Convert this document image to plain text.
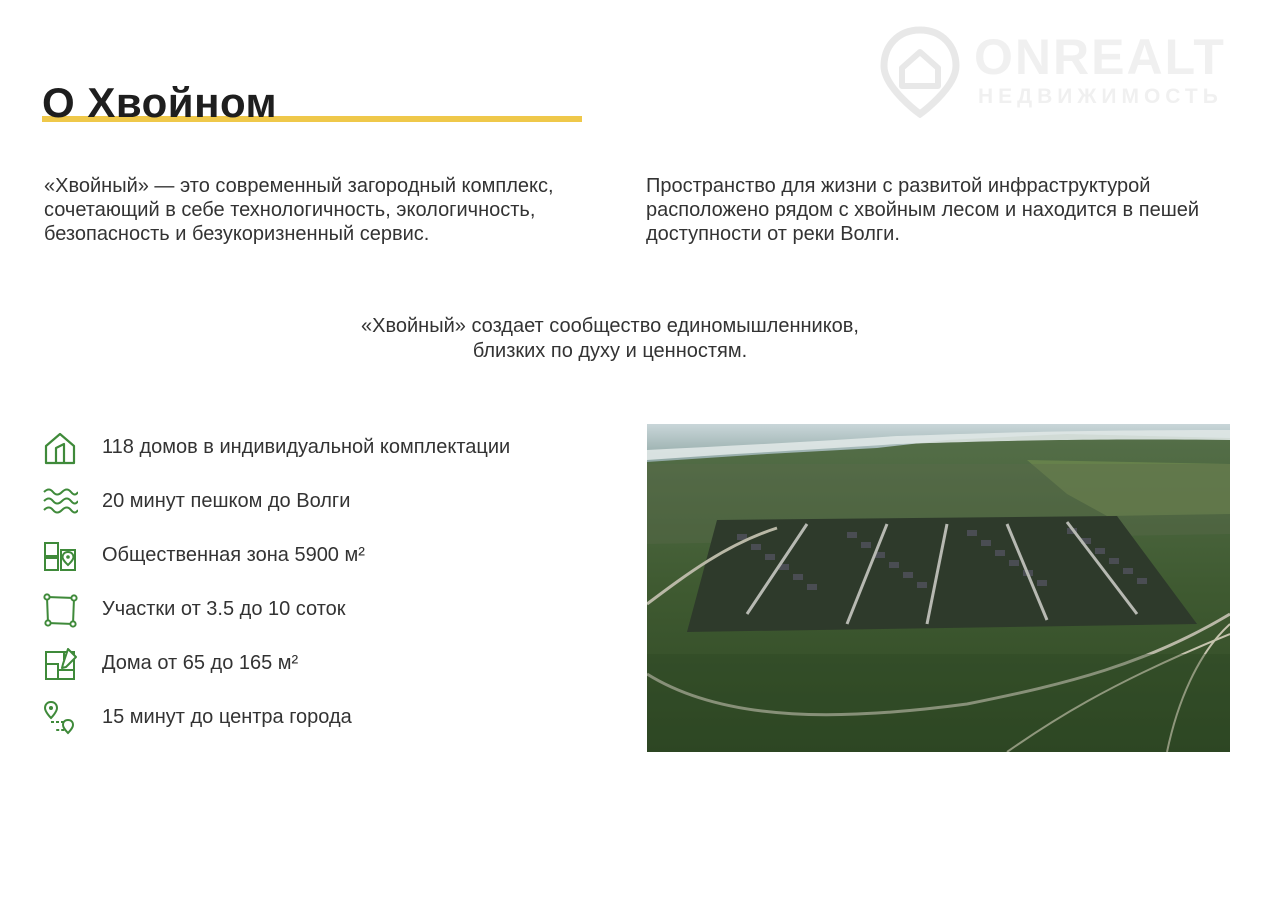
ONREALT
НЕДВИЖИМОСТЬ
О Хвойном
«Хвойный» — это современный загородный комплекс, сочетающий в себе технологичность, экологичность, безопасность и безукоризненный сервис.
Пространство для жизни с развитой инфраструктурой расположено рядом с хвойным лесом и находится в пешей доступности от реки Волги.
«Хвойный» создает сообщество единомышленников,
близких по духу и ценностям.
118 домов в индивидуальной комплектации
20 минут пешком до Волги
Общественная зона 5900 м²
Участки от 3.5 до 10 соток
Дома от 65 до 165 м²
15 минут до центра города
